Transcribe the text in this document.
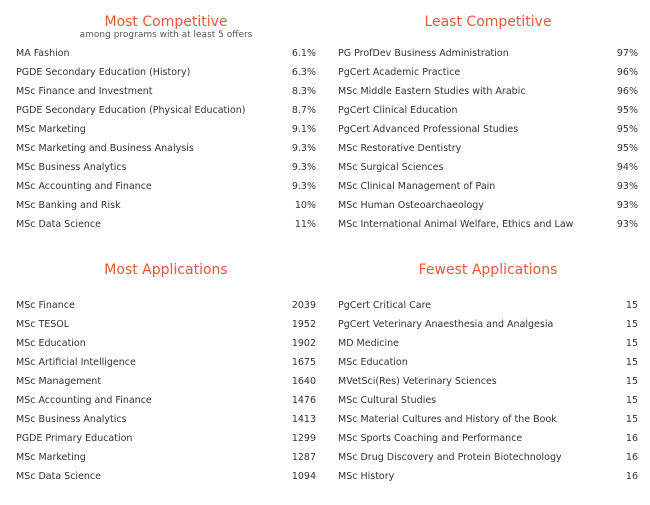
Most Competitive
among programs with at least 5 offers
MA Fashion	6.1%
PGDE Secondary Education (History)	6.3%
MSc Finance and Investment	8.3%
PGDE Secondary Education (Physical Education)	8.7%
MSc Marketing	9.1%
MSc Marketing and Business Analysis	9.3%
MSc Business Analytics	9.3%
MSc Accounting and Finance	9.3%
MSc Banking and Risk	10%
MSc Data Science	11%
Least Competitive
PG ProfDev Business Administration	97%
PgCert Academic Practice	96%
MSc Middle Eastern Studies with Arabic	96%
PgCert Clinical Education	95%
PgCert Advanced Professional Studies	95%
MSc Restorative Dentistry	95%
MSc Surgical Sciences	94%
MSc Clinical Management of Pain	93%
MSc Human Osteoarchaeology	93%
MSc International Animal Welfare, Ethics and Law	93%
Most Applications
MSc Finance	2039
MSc TESOL	1952
MSc Education	1902
MSc Artificial Intelligence	1675
MSc Management	1640
MSc Accounting and Finance	1476
MSc Business Analytics	1413
PGDE Primary Education	1299
MSc Marketing	1287
MSc Data Science	1094
Fewest Applications
PgCert Critical Care	15
PgCert Veterinary Anaesthesia and Analgesia	15
MD Medicine	15
MSc Education	15
MVetSci(Res) Veterinary Sciences	15
MSc Cultural Studies	15
MSc Material Cultures and History of the Book	15
MSc Sports Coaching and Performance	16
MSc Drug Discovery and Protein Biotechnology	16
MSc History	16
